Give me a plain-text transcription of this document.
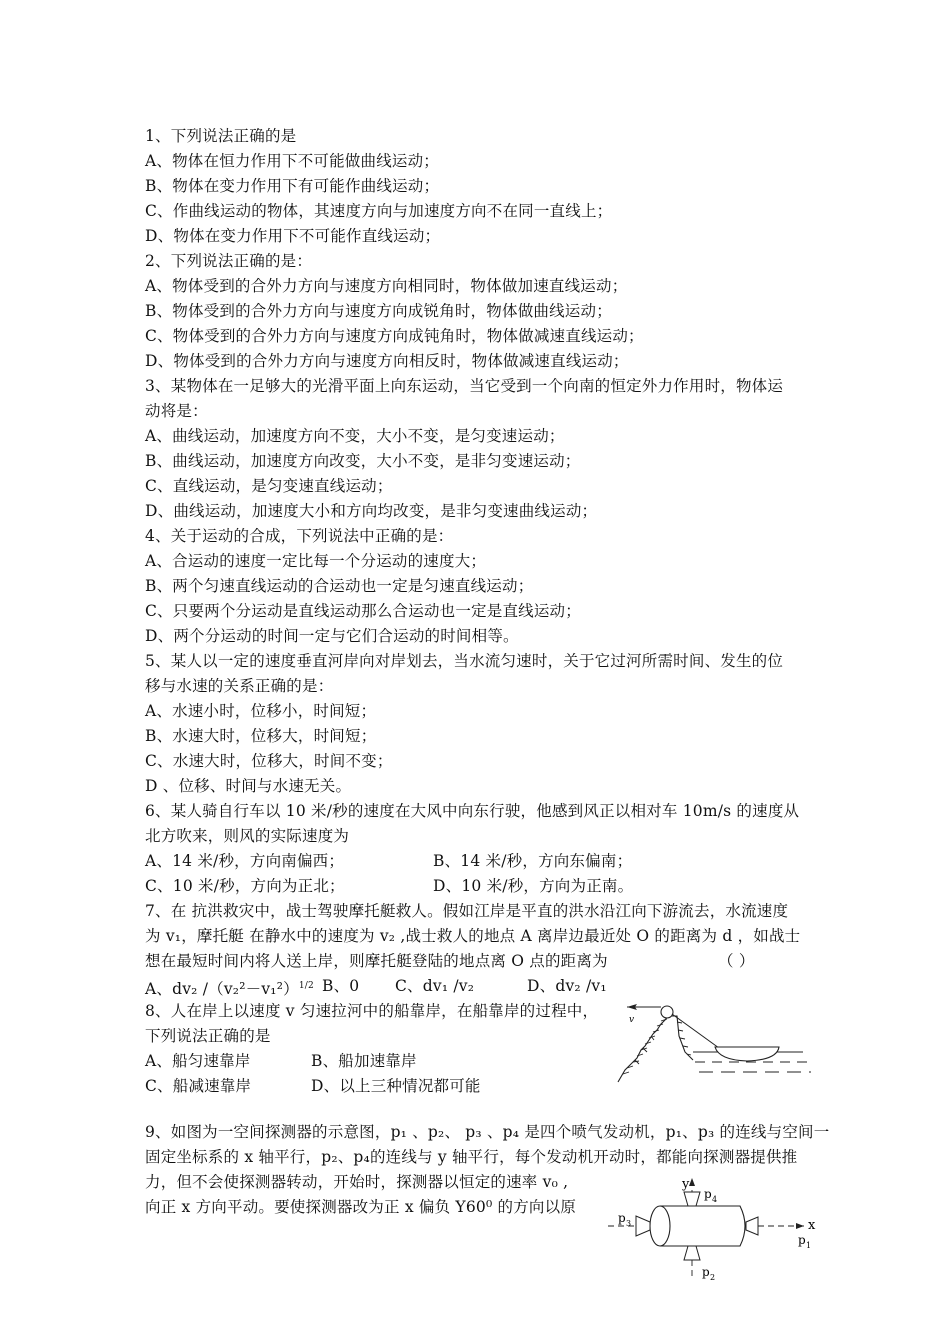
1、下列说法正确的是
A、物体在恒力作用下不可能做曲线运动；
B、物体在变力作用下有可能作曲线运动；
C、作曲线运动的物体，其速度方向与加速度方向不在同一直线上；
D、物体在变力作用下不可能作直线运动；
2、下列说法正确的是：
A、物体受到的合外力方向与速度方向相同时，物体做加速直线运动；
B、物体受到的合外力方向与速度方向成锐角时，物体做曲线运动；
C、物体受到的合外力方向与速度方向成钝角时，物体做减速直线运动；
D、物体受到的合外力方向与速度方向相反时，物体做减速直线运动；
3、某物体在一足够大的光滑平面上向东运动，当它受到一个向南的恒定外力作用时，物体运
动将是：
A、曲线运动，加速度方向不变，大小不变，是匀变速运动；
B、曲线运动，加速度方向改变，大小不变，是非匀变速运动；
C、直线运动，是匀变速直线运动；
D、曲线运动，加速度大小和方向均改变，是非匀变速曲线运动；
4、关于运动的合成，下列说法中正确的是：
A、合运动的速度一定比每一个分运动的速度大；
B、两个匀速直线运动的合运动也一定是匀速直线运动；
C、只要两个分运动是直线运动那么合运动也一定是直线运动；
D、两个分运动的时间一定与它们合运动的时间相等。
5、某人以一定的速度垂直河岸向对岸划去，当水流匀速时，关于它过河所需时间、发生的位
移与水速的关系正确的是：
A、水速小时，位移小，时间短；
B、水速大时，位移大，时间短；
C、水速大时，位移大，时间不变；
D 、位移、时间与水速无关。
6、某人骑自行车以 10 米/秒的速度在大风中向东行驶，他感到风正以相对车 10m/s 的速度从
北方吹来，则风的实际速度为
A、14 米/秒，方向南偏西；	B、14 米/秒，方向东偏南；
C、10 米/秒，方向为正北；	D、10 米/秒，方向为正南。
7、在 抗洪救灾中，战士驾驶摩托艇救人。假如江岸是平直的洪水沿江向下游流去，水流速度
为 v₁，摩托艇 在静水中的速度为 v₂ ,战士救人的地点 A 离岸边最近处 O 的距离为 d ，如战士
想在最短时间内将人送上岸，则摩托艇登陆的地点离 O 点的距离为	（ ）
A、dv₂ $/(v_2^2-v_1^2)^{1/2}$ B、0 C、dv₁ /v₂	D、dv₂ /v₁
8、人在岸上以速度 v 匀速拉河中的船靠岸，在船靠岸的过程中，
下列说法正确的是
A、船匀速靠岸	B、船加速靠岸
C、船减速靠岸	D、以上三种情况都可能
v
9、如图为一空间探测器的示意图，p₁ 、p₂、 p₃ 、p₄ 是四个喷气发动机，p₁、p₃ 的连线与空间一
固定坐标系的 x 轴平行，p₂、p₄的连线与 y 轴平行，每个发动机开动时，都能向探测器提供推
力，但不会使探测器转动，开始时，探测器以恒定的速率 v₀ ,
向正 x 方向平动。要使探测器改为正 x 偏负 Y60⁰ 的方向以原
x
y
p 4
p 3
p 1
p 2
